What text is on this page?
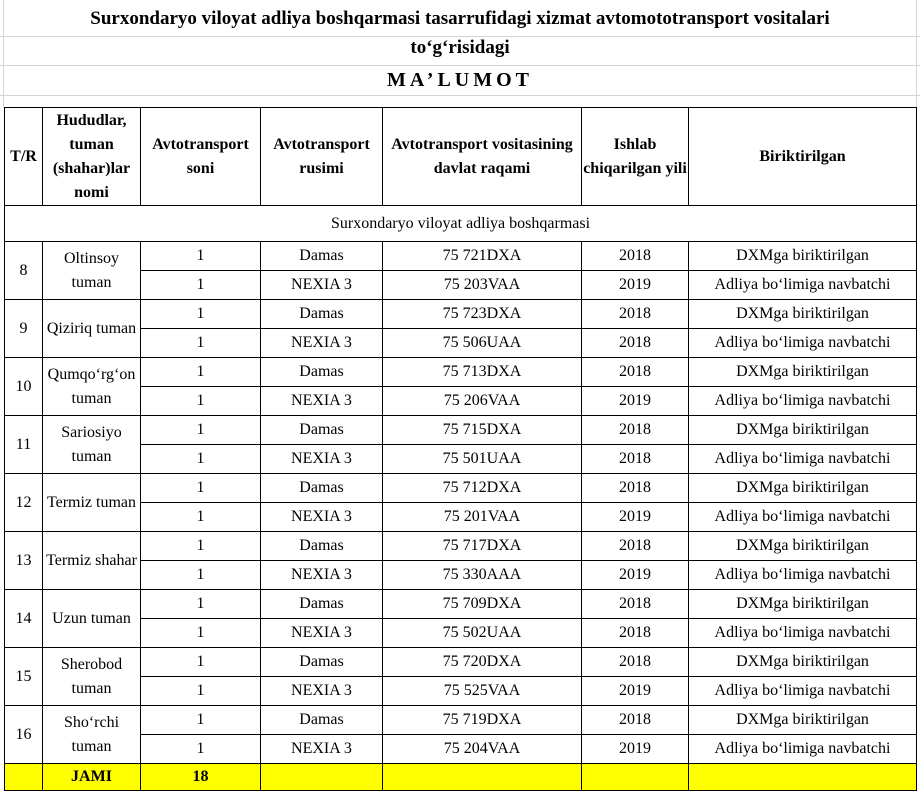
Surxondaryo viloyat adliya boshqarmasi tasarrufidagi xizmat avtomototransport vositalari
to‘g‘risidagi
MA’LUMOT
T/R	Hududlar, tuman (shahar)lar nomi	Avtotransport soni	Avtotransport rusimi	Avtotransport vositasining davlat raqami	Ishlab chiqarilgan yili	Biriktirilgan
Surxondaryo viloyat adliya boshqarmasi						
8	Oltinsoy tuman	1	Damas	75 721DXA	2018	DXMga biriktirilgan
		1	NEXIA 3	75 203VAA	2019	Adliya bo‘limiga navbatchi
9	Qiziriq tuman	1	Damas	75 723DXA	2018	DXMga biriktirilgan
		1	NEXIA 3	75 506UAA	2018	Adliya bo‘limiga navbatchi
10	Qumqo‘rg‘on tuman	1	Damas	75 713DXA	2018	DXMga biriktirilgan
		1	NEXIA 3	75 206VAA	2019	Adliya bo‘limiga navbatchi
11	Sariosiyo tuman	1	Damas	75 715DXA	2018	DXMga biriktirilgan
		1	NEXIA 3	75 501UAA	2018	Adliya bo‘limiga navbatchi
12	Termiz tuman	1	Damas	75 712DXA	2018	DXMga biriktirilgan
		1	NEXIA 3	75 201VAA	2019	Adliya bo‘limiga navbatchi
13	Termiz shahar	1	Damas	75 717DXA	2018	DXMga biriktirilgan
		1	NEXIA 3	75 330AAA	2019	Adliya bo‘limiga navbatchi
14	Uzun tuman	1	Damas	75 709DXA	2018	DXMga biriktirilgan
		1	NEXIA 3	75 502UAA	2018	Adliya bo‘limiga navbatchi
15	Sherobod tuman	1	Damas	75 720DXA	2018	DXMga biriktirilgan
		1	NEXIA 3	75 525VAA	2019	Adliya bo‘limiga navbatchi
16	Sho‘rchi tuman	1	Damas	75 719DXA	2018	DXMga biriktirilgan
		1	NEXIA 3	75 204VAA	2019	Adliya bo‘limiga navbatchi
	JAMI	18				
